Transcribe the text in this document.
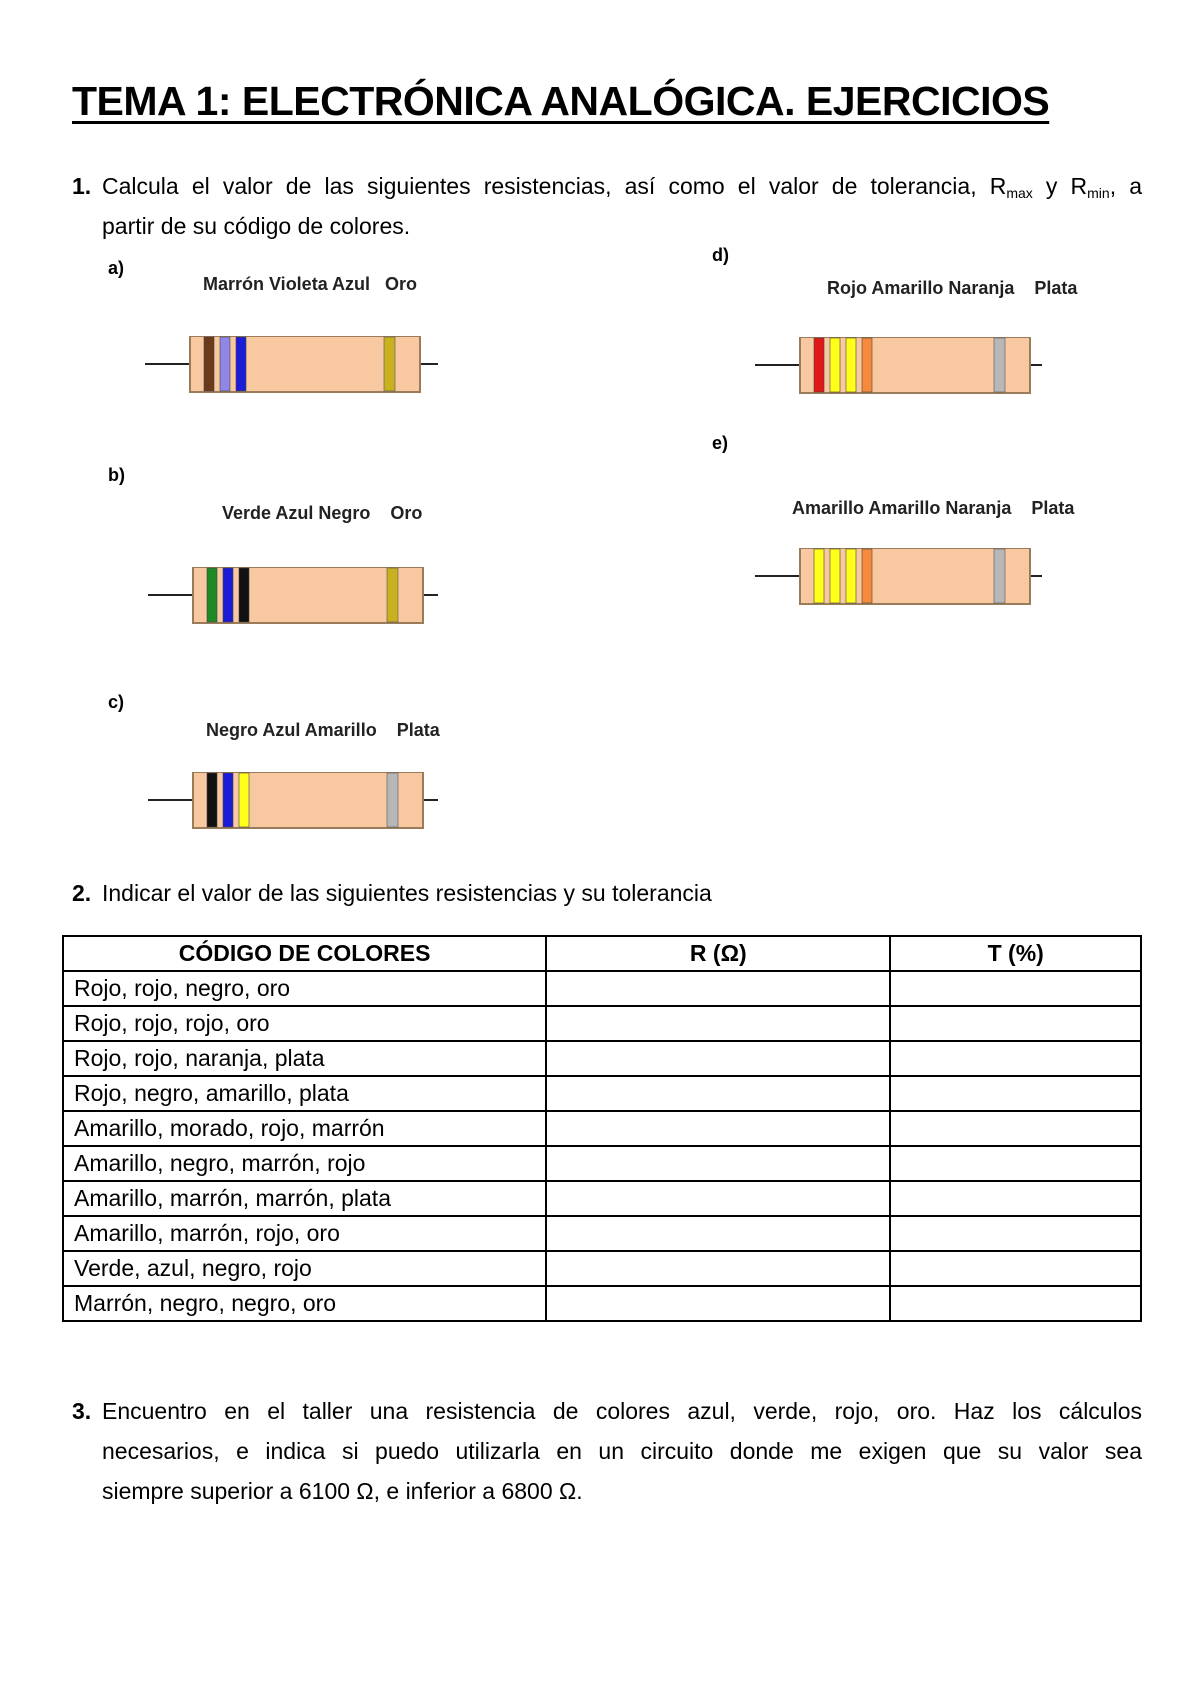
TEMA 1: ELECTRÓNICA ANALÓGICA. EJERCICIOS
1. Calcula el valor de las siguientes resistencias, así como el valor de tolerancia, $R_{max}$ y $R_{min}$, a
partir de su código de colores.
a)
Marrón Violeta Azul   Oro
b)
Verde Azul Negro    Oro
c)
Negro Azul Amarillo    Plata
d)
Rojo Amarillo Naranja    Plata
e)
Amarillo Amarillo Naranja    Plata
2. Indicar el valor de las siguientes resistencias y su tolerancia
CÓDIGO DE COLORES	R (Ω)	T (%)
Rojo, rojo, negro, oro		
Rojo, rojo, rojo, oro		
Rojo, rojo, naranja, plata		
Rojo, negro, amarillo, plata		
Amarillo, morado, rojo, marrón		
Amarillo, negro, marrón, rojo		
Amarillo, marrón, marrón, plata		
Amarillo, marrón, rojo, oro		
Verde, azul, negro, rojo		
Marrón, negro, negro, oro		
3. Encuentro en el taller una resistencia de colores azul, verde, rojo, oro. Haz los cálculos
necesarios, e indica si puedo utilizarla en un circuito donde me exigen que su valor sea
siempre superior a 6100 Ω, e inferior a 6800 Ω.
